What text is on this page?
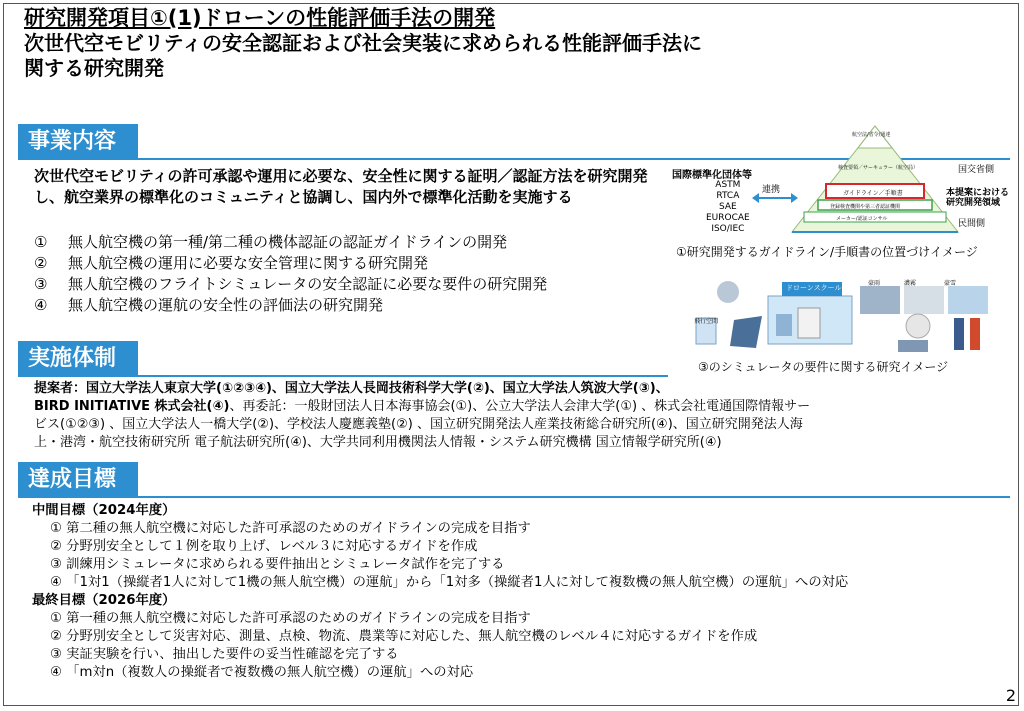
研究開発項目①(1)ドローンの性能評価手法の開発
次世代空モビリティの安全認証および社会実装に求められる性能評価手法に
関する研究開発
事業内容
次世代空モビリティの許可承認や運用に必要な、安全性に関する証明／認証方法を研究開発し、航空業界の標準化のコミュニティと協調し、国内外で標準化活動を実施する
① 無人航空機の第一種/第二種の機体認証の認証ガイドラインの開発
② 無人航空機の運用に必要な安全管理に関する研究開発
③ 無人航空機のフライトシミュレータの安全認証に必要な要件の研究開発
④ 無人航空機の運航の安全性の評価法の研究開発
国際標準化団体等
ASTM
RTCA
SAE
EUROCAE
ISO/IEC
連携
航空法/省令/通達
検査要領／サーキュラー（航空局）
ガイドライン／手順書
登録検査機関や第三者認証機関
メーカー/認証コンサル
国交省側
本提案における
研究開発領域
民間側
①研究開発するガイドライン/手順書の位置づけイメージ
飛行空間
ドローンスクール
豪雨	濃霧	豪雪
③のシミュレータの要件に関する研究イメージ
実施体制
提案者：国立大学法人東京大学(①②③④)、国立大学法人長岡技術科学大学(②)、国立大学法人筑波大学(③)、
BIRD INITIATIVE 株式会社(④)、再委託：一般財団法人日本海事協会(①)、公立大学法人会津大学(①) 、株式会社電通国際情報サー
ビス(①②③) 、国立大学法人一橋大学(②)、学校法人慶應義塾(②) 、国立研究開発法人産業技術総合研究所(④)、国立研究開発法人海
上・港湾・航空技術研究所 電子航法研究所(④)、大学共同利用機関法人情報・システム研究機構 国立情報学研究所(④)
達成目標
中間目標（2024年度）
① 第二種の無人航空機に対応した許可承認のためのガイドラインの完成を目指す
② 分野別安全として１例を取り上げ、レベル３に対応するガイドを作成
③ 訓練用シミュレータに求められる要件抽出とシミュレータ試作を完了する
④ 「1対1（操縦者1人に対して1機の無人航空機）の運航」から「1対多（操縦者1人に対して複数機の無人航空機）の運航」への対応
最終目標（2026年度）
① 第一種の無人航空機に対応した許可承認のためのガイドラインの完成を目指す
② 分野別安全として災害対応、測量、点検、物流、農業等に対応した、無人航空機のレベル４に対応するガイドを作成
③ 実証実験を行い、抽出した要件の妥当性確認を完了する
④ 「m対n（複数人の操縦者で複数機の無人航空機）の運航」への対応
2
